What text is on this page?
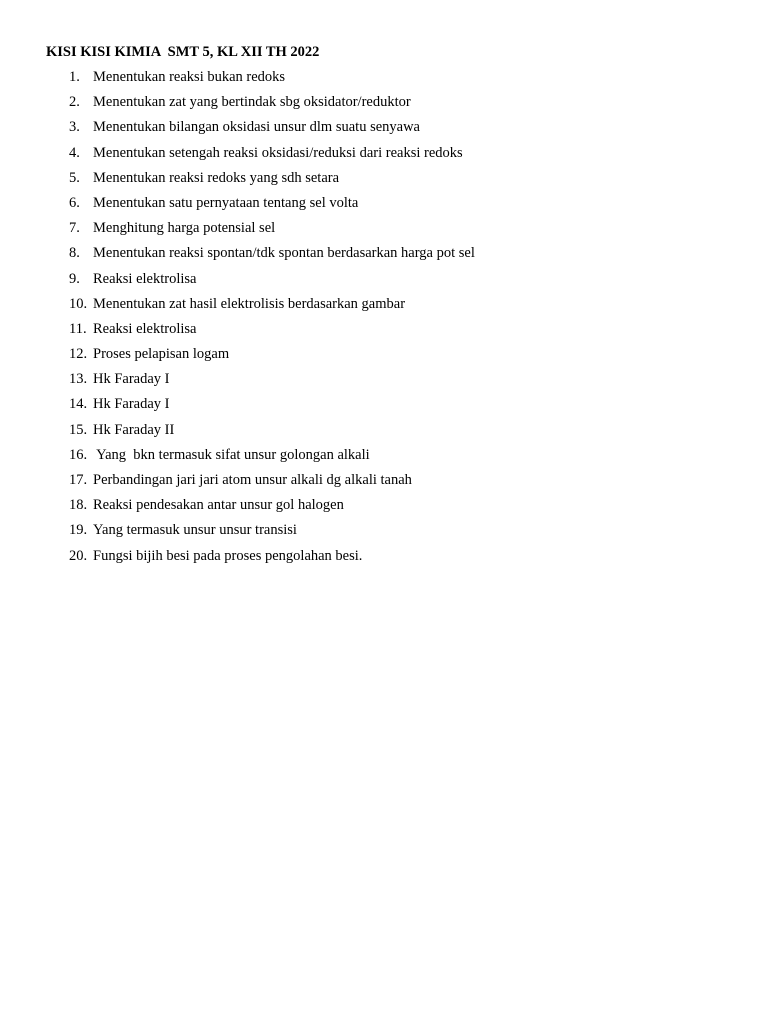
KISI KISI KIMIA  SMT 5, KL XII TH 2022
1. Menentukan reaksi bukan redoks
2. Menentukan zat yang bertindak sbg oksidator/reduktor
3. Menentukan bilangan oksidasi unsur dlm suatu senyawa
4. Menentukan setengah reaksi oksidasi/reduksi dari reaksi redoks
5. Menentukan reaksi redoks yang sdh setara
6. Menentukan satu pernyataan tentang sel volta
7. Menghitung harga potensial sel
8. Menentukan reaksi spontan/tdk spontan berdasarkan harga pot sel
9. Reaksi elektrolisa
10. Menentukan zat hasil elektrolisis berdasarkan gambar
11. Reaksi elektrolisa
12. Proses pelapisan logam
13. Hk Faraday I
14. Hk Faraday I
15. Hk Faraday II
16. Yang  bkn termasuk sifat unsur golongan alkali
17. Perbandingan jari jari atom unsur alkali dg alkali tanah
18. Reaksi pendesakan antar unsur gol halogen
19. Yang termasuk unsur unsur transisi
20. Fungsi bijih besi pada proses pengolahan besi.
